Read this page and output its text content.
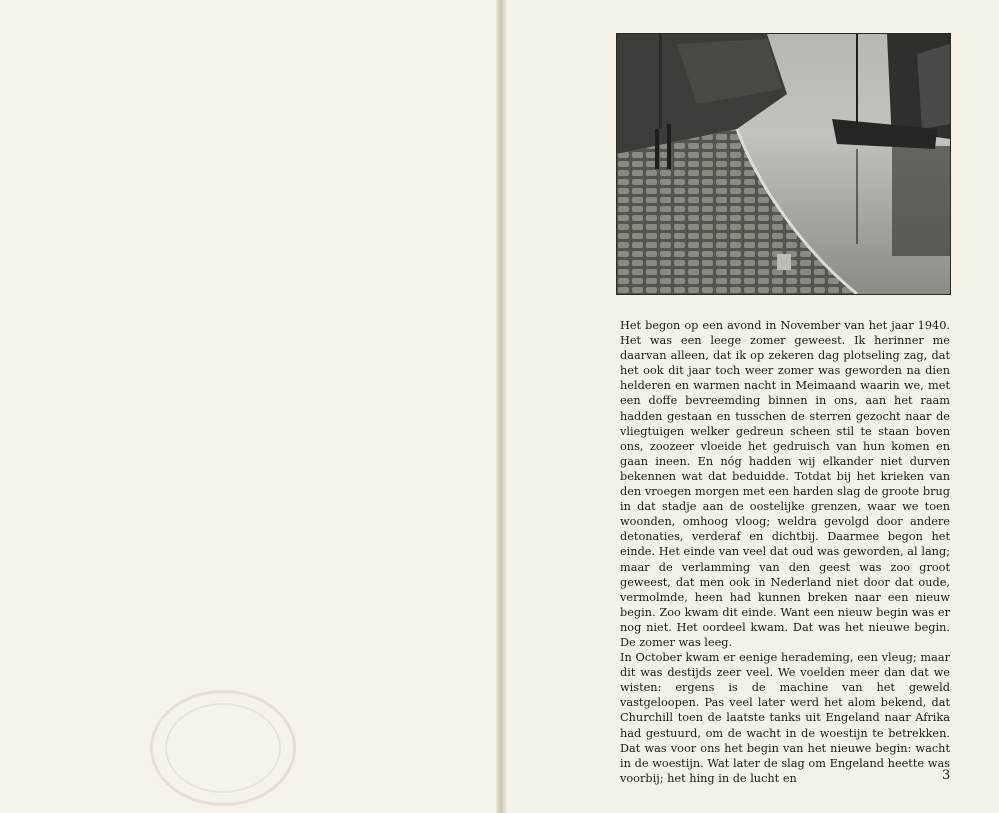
Het begon op een avond in November van het jaar 1940. Het was een leege zomer geweest. Ik herinner me daarvan alleen, dat ik op zekeren dag plotseling zag, dat het ook dit jaar toch weer zomer was geworden na dien helderen en warmen nacht in Meimaand waarin we, met een doffe bevreemding binnen in ons, aan het raam hadden gestaan en tusschen de sterren gezocht naar de vliegtuigen welker gedreun scheen stil te staan boven ons, zoozeer vloeide het gedruisch van hun komen en gaan ineen. En nóg hadden wij elkander niet durven bekennen wat dat beduidde. Totdat bij het krieken van den vroegen morgen met een harden slag de groote brug in dat stadje aan de oostelijke grenzen, waar we toen woonden, omhoog vloog; weldra gevolgd door andere detonaties, verderaf en dichtbij. Daarmee begon het einde. Het einde van veel dat oud was geworden, al lang; maar de verlamming van den geest was zoo groot geweest, dat men ook in Nederland niet door dat oude, vermolmde, heen had kunnen breken naar een nieuw begin. Zoo kwam dit einde. Want een nieuw begin was er nog niet. Het oordeel kwam. Dat was het nieuwe begin. De zomer was leeg.

In October kwam er eenige herademing, een vleug; maar dit was destijds zeer veel. We voelden meer dan dat we wisten: ergens is de machine van het geweld vastgeloopen. Pas veel later werd het alom bekend, dat Churchill toen de laatste tanks uit Engeland naar Afrika had gestuurd, om de wacht in de woestijn te betrekken. Dat was voor ons het begin van het nieuwe begin: wacht in de woestijn. Wat later de slag om Engeland heette was voorbij; het hing in de lucht en	3
